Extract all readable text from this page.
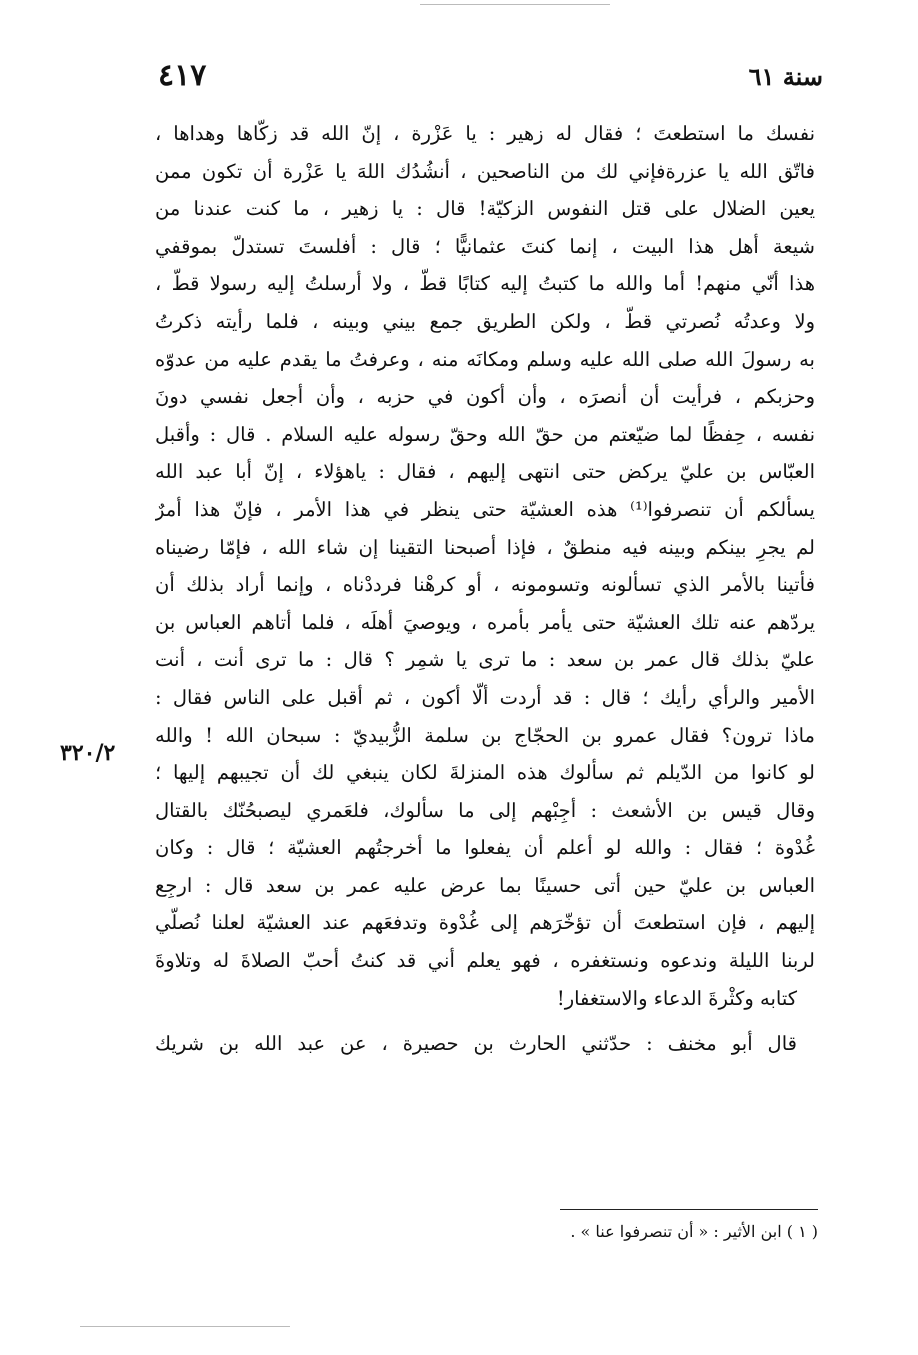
٤١٧	سنة ٦١
٣٢٠/٢
نفسك ما استطعتَ ؛ فقال له زهير : يا عَزْرة ، إنّ الله قد زكّاها وهداها ،
فاتّق الله يا عزرةفإني لك من الناصحين ، أنشُدُك اللهَ يا عَزْرة أن تكون ممن
يعين الضلال على قتل النفوس الزكيّة! قال : يا زهير ، ما كنت عندنا من
شيعة أهل هذا البيت ، إنما كنتَ عثمانيًّا ؛ قال : أفلستَ تستدلّ بموقفي
هذا أنّي منهم! أما والله ما كتبتُ إليه كتابًا قطّ ، ولا أرسلتُ إليه رسولا قطّ ،
ولا وعدتُه نُصرتي قطّ ، ولكن الطريق جمع بيني وبينه ، فلما رأيته ذكرتُ
به رسولَ الله صلى الله عليه وسلم ومكانَه منه ، وعرفتُ ما يقدم عليه من عدوّه
وحزبكم ، فرأيت أن أنصرَه ، وأن أكون في حزبه ، وأن أجعل نفسي دونَ
نفسه ، حِفظًا لما ضيّعتم من حقّ الله وحقّ رسوله عليه السلام . قال : وأقبل
العبّاس بن عليّ يركض حتى انتهى إليهم ، فقال : ياهؤلاء ، إنّ أبا عبد الله
يسألكم أن تنصرفوا⁽¹⁾ هذه العشيّة حتى ينظر في هذا الأمر ، فإنّ هذا أمرٌ
لم يجرِ بينكم وبينه فيه منطقٌ ، فإذا أصبحنا التقينا إن شاء الله ، فإمّا رضيناه
فأتينا بالأمر الذي تسألونه وتسومونه ، أو كرهْنا فرددْناه ، وإنما أراد بذلك أن
يردّهم عنه تلك العشيّة حتى يأمر بأمره ، ويوصيَ أهلَه ، فلما أتاهم العباس بن
عليّ بذلك قال عمر بن سعد : ما ترى يا شمِر ؟ قال : ما ترى أنت ، أنت
الأمير والرأي رأيك ؛ قال : قد أردت ألّا أكون ، ثم أقبل على الناس فقال :
ماذا ترون؟ فقال عمرو بن الحجّاج بن سلمة الزُّبيديّ : سبحان الله ! والله
لو كانوا من الدّيلم ثم سألوك هذه المنزلةَ لكان ينبغي لك أن تجيبهم إليها ؛
وقال قيس بن الأشعث : أجِبْهم إلى ما سألوك، فلعَمري ليصبحُنّك بالقتال
غُدْوة ؛ فقال : والله لو أعلم أن يفعلوا ما أخرجتُهم العشيّة ؛ قال : وكان
العباس بن عليّ حين أتى حسينًا بما عرض عليه عمر بن سعد قال : ارجِع
إليهم ، فإن استطعتَ أن تؤخّرَهم إلى غُدْوة وتدفعَهم عند العشيّة لعلنا نُصلّي
لربنا الليلة وندعوه ونستغفره ، فهو يعلم أني قد كنتُ أحبّ الصلاةَ له وتلاوةَ
كتابه وكثْرةَ الدعاء والاستغفار!
قال أبو مخنف : حدّثني الحارث بن حصيرة ، عن عبد الله بن شريك
( ١ ) ابن الأثير : « أن تنصرفوا عنا » .
